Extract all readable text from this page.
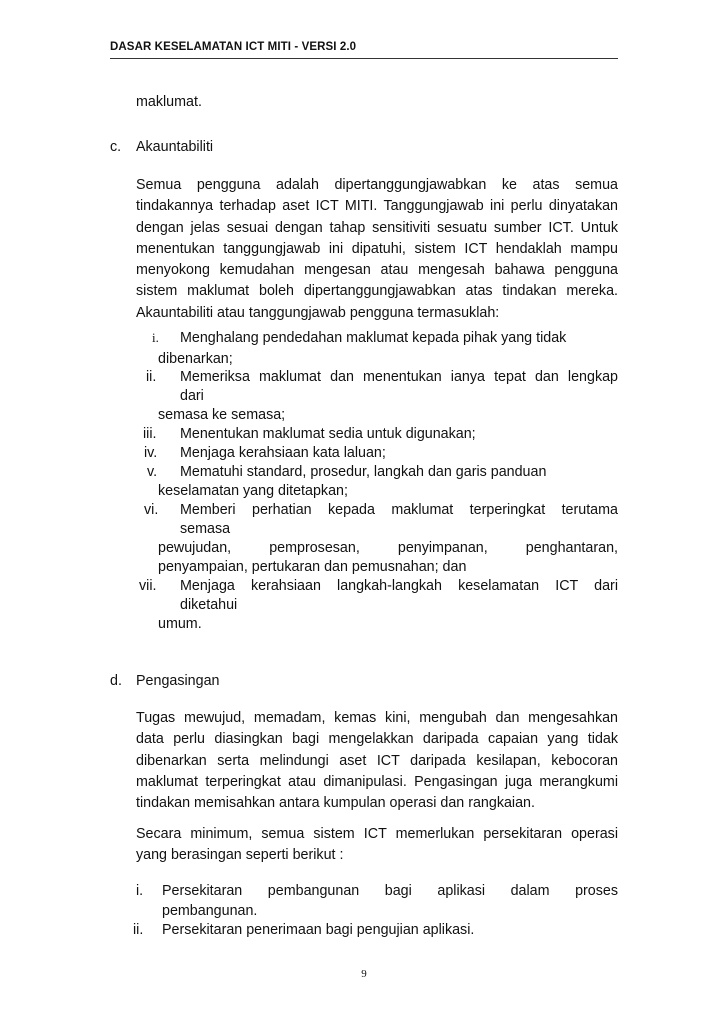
DASAR KESELAMATAN ICT MITI - VERSI 2.0
maklumat.
c. Akauntabiliti
Semua pengguna adalah dipertanggungjawabkan ke atas semua
tindakannya terhadap aset ICT MITI. Tanggungjawab ini perlu dinyatakan
dengan jelas sesuai dengan tahap sensitiviti sesuatu sumber ICT. Untuk
menentukan tanggungjawab ini dipatuhi, sistem ICT hendaklah mampu
menyokong kemudahan mengesan atau mengesah bahawa pengguna
sistem maklumat boleh dipertanggungjawabkan atas tindakan mereka.
Akauntabiliti atau tanggungjawab pengguna termasuklah:
i. Menghalang pendedahan maklumat kepada pihak yang tidak
dibenarkan;
ii. Memeriksa maklumat dan menentukan ianya tepat dan lengkap
dari
semasa ke semasa;
iii. Menentukan maklumat sedia untuk digunakan;
iv. Menjaga kerahsiaan kata laluan;
v. Mematuhi standard, prosedur, langkah dan garis panduan
keselamatan yang ditetapkan;
vi. Memberi perhatian kepada maklumat terperingkat terutama
semasa
pewujudan, pemprosesan, penyimpanan, penghantaran,
penyampaian, pertukaran dan pemusnahan; dan
vii. Menjaga kerahsiaan langkah-langkah keselamatan ICT dari
diketahui
umum.
d. Pengasingan
Tugas mewujud, memadam, kemas kini, mengubah dan mengesahkan
data perlu diasingkan bagi mengelakkan daripada capaian yang tidak
dibenarkan serta melindungi aset ICT daripada kesilapan, kebocoran
maklumat terperingkat atau dimanipulasi. Pengasingan juga merangkumi
tindakan memisahkan antara kumpulan operasi dan rangkaian.
Secara minimum, semua sistem ICT memerlukan persekitaran operasi
yang berasingan seperti berikut :
i. Persekitaran pembangunan bagi aplikasi dalam proses
pembangunan.
ii. Persekitaran penerimaan bagi pengujian aplikasi.
9
